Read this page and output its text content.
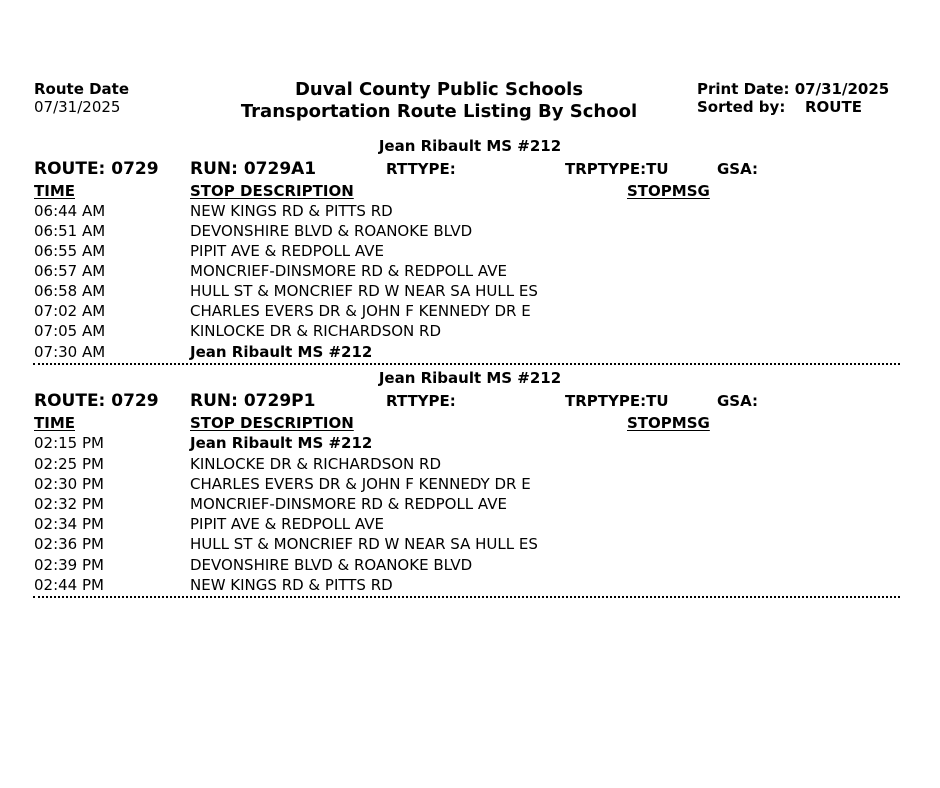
Route Date
07/31/2025
Duval County Public Schools
Transportation Route Listing By School
Print Date: 07/31/2025
Sorted by: ROUTE
Jean Ribault MS #212
ROUTE: 0729 RUN: 0729A1	RTTYPE:	TRPTYPE:TU	GSA:
TIME	STOP DESCRIPTION	STOPMSG
06:44 AM	NEW KINGS RD & PITTS RD
06:51 AM	DEVONSHIRE BLVD & ROANOKE BLVD
06:55 AM	PIPIT AVE & REDPOLL AVE
06:57 AM	MONCRIEF-DINSMORE RD & REDPOLL AVE
06:58 AM	HULL ST & MONCRIEF RD W NEAR SA HULL ES
07:02 AM	CHARLES EVERS DR & JOHN F KENNEDY DR E
07:05 AM	KINLOCKE DR & RICHARDSON RD
07:30 AM	Jean Ribault MS #212
Jean Ribault MS #212
ROUTE: 0729 RUN: 0729P1	RTTYPE:	TRPTYPE:TU	GSA:
TIME	STOP DESCRIPTION	STOPMSG
02:15 PM	Jean Ribault MS #212
02:25 PM	KINLOCKE DR & RICHARDSON RD
02:30 PM	CHARLES EVERS DR & JOHN F KENNEDY DR E
02:32 PM	MONCRIEF-DINSMORE RD & REDPOLL AVE
02:34 PM	PIPIT AVE & REDPOLL AVE
02:36 PM	HULL ST & MONCRIEF RD W NEAR SA HULL ES
02:39 PM	DEVONSHIRE BLVD & ROANOKE BLVD
02:44 PM	NEW KINGS RD & PITTS RD
